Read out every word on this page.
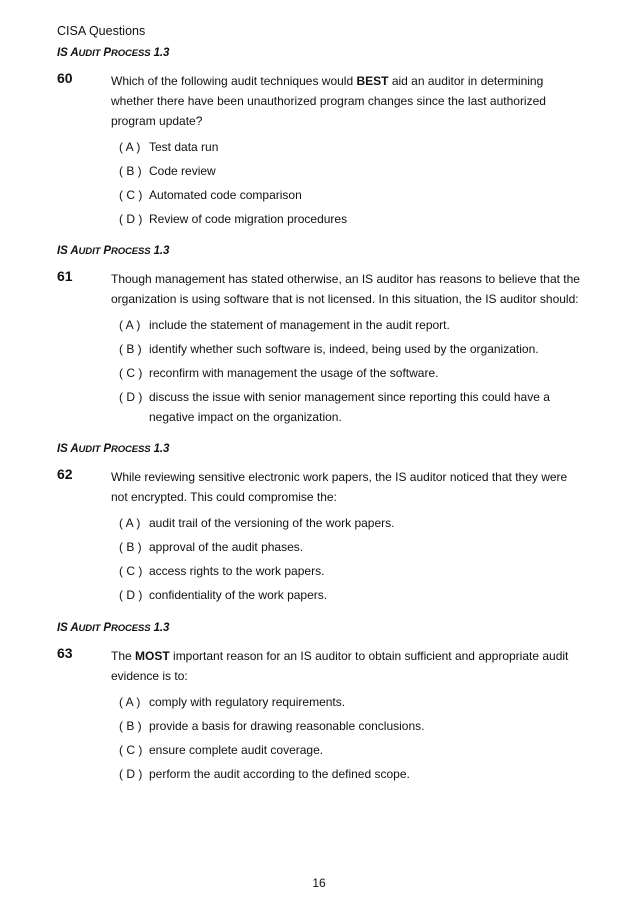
CISA Questions
IS AUDIT PROCESS 1.3
60	Which of the following audit techniques would BEST aid an auditor in determining whether there have been unauthorized program changes since the last authorized program update?
( A ) Test data run
( B ) Code review
( C ) Automated code comparison
( D ) Review of code migration procedures
IS AUDIT PROCESS 1.3
61	Though management has stated otherwise, an IS auditor has reasons to believe that the organization is using software that is not licensed. In this situation, the IS auditor should:
( A ) include the statement of management in the audit report.
( B ) identify whether such software is, indeed, being used by the organization.
( C ) reconfirm with management the usage of the software.
( D ) discuss the issue with senior management since reporting this could have a negative impact on the organization.
IS AUDIT PROCESS 1.3
62	While reviewing sensitive electronic work papers, the IS auditor noticed that they were not encrypted. This could compromise the:
( A ) audit trail of the versioning of the work papers.
( B ) approval of the audit phases.
( C ) access rights to the work papers.
( D ) confidentiality of the work papers.
IS AUDIT PROCESS 1.3
63	The MOST important reason for an IS auditor to obtain sufficient and appropriate audit evidence is to:
( A ) comply with regulatory requirements.
( B ) provide a basis for drawing reasonable conclusions.
( C ) ensure complete audit coverage.
( D ) perform the audit according to the defined scope.
16
